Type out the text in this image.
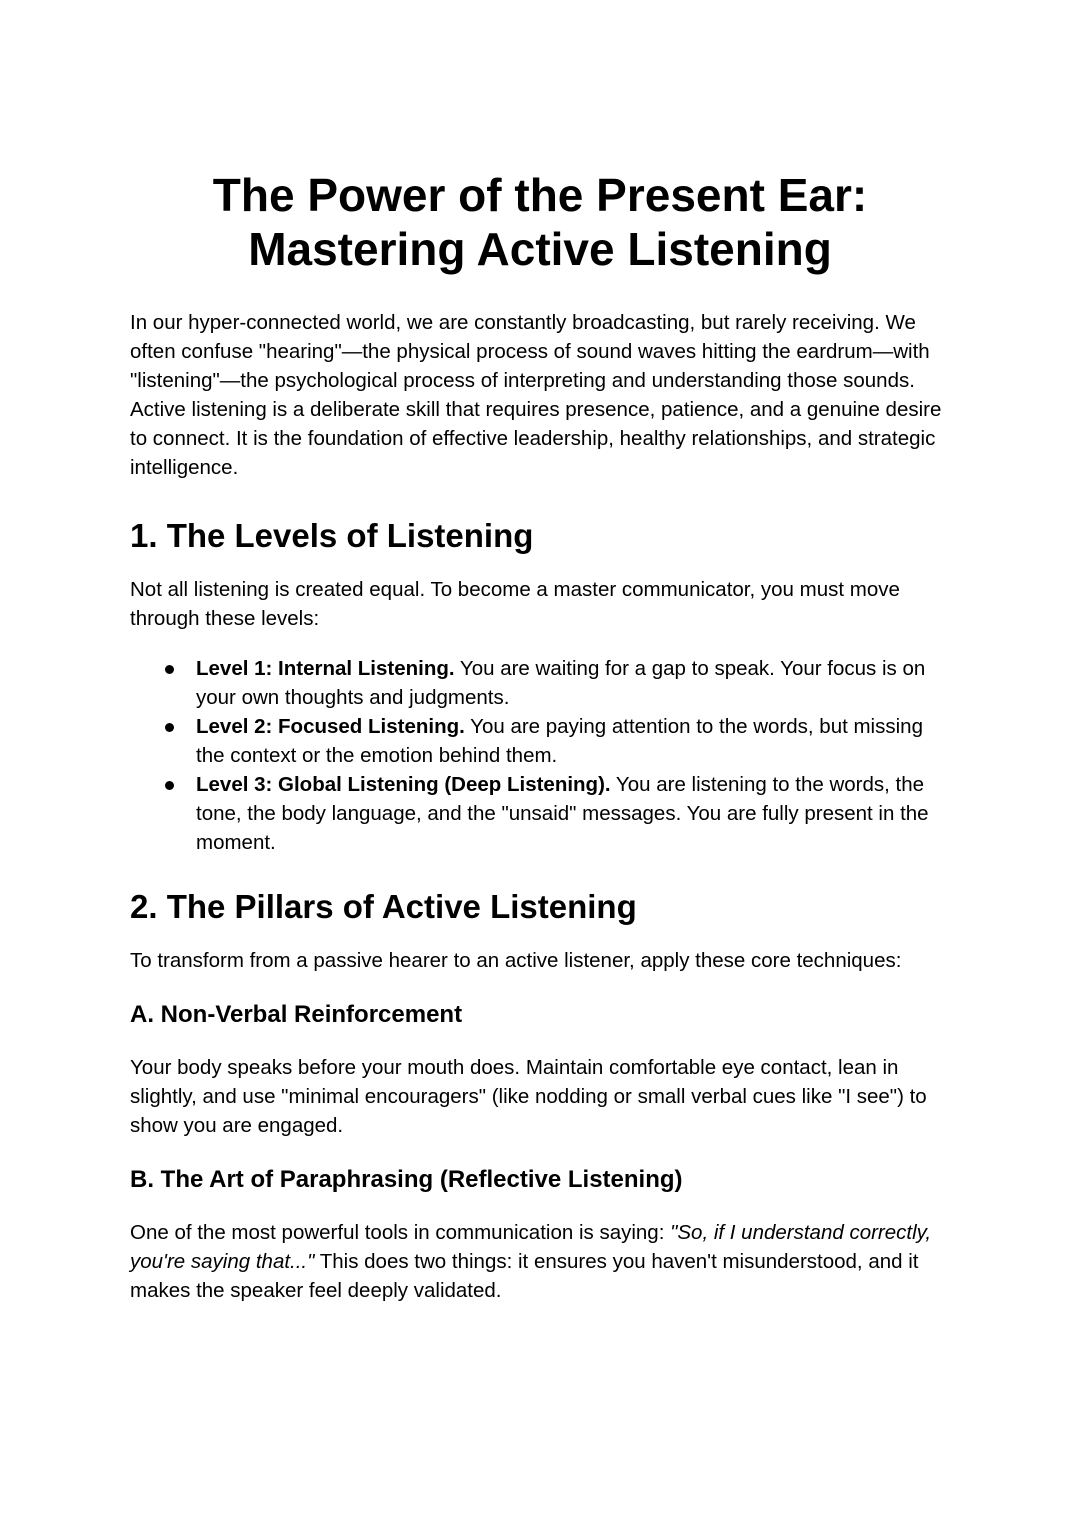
The Power of the Present Ear: Mastering Active Listening

In our hyper-connected world, we are constantly broadcasting, but rarely receiving. We often confuse "hearing"—the physical process of sound waves hitting the eardrum—with "listening"—the psychological process of interpreting and understanding those sounds. Active listening is a deliberate skill that requires presence, patience, and a genuine desire to connect. It is the foundation of effective leadership, healthy relationships, and strategic intelligence.

1. The Levels of Listening

Not all listening is created equal. To become a master communicator, you must move through these levels:

Level 1: Internal Listening. You are waiting for a gap to speak. Your focus is on your own thoughts and judgments.
Level 2: Focused Listening. You are paying attention to the words, but missing the context or the emotion behind them.
Level 3: Global Listening (Deep Listening). You are listening to the words, the tone, the body language, and the "unsaid" messages. You are fully present in the moment.
2. The Pillars of Active Listening

To transform from a passive hearer to an active listener, apply these core techniques:

A. Non-Verbal Reinforcement

Your body speaks before your mouth does. Maintain comfortable eye contact, lean in slightly, and use "minimal encouragers" (like nodding or small verbal cues like "I see") to show you are engaged.

B. The Art of Paraphrasing (Reflective Listening)

One of the most powerful tools in communication is saying: "So, if I understand correctly, you're saying that..." This does two things: it ensures you haven't misunderstood, and it makes the speaker feel deeply validated.
